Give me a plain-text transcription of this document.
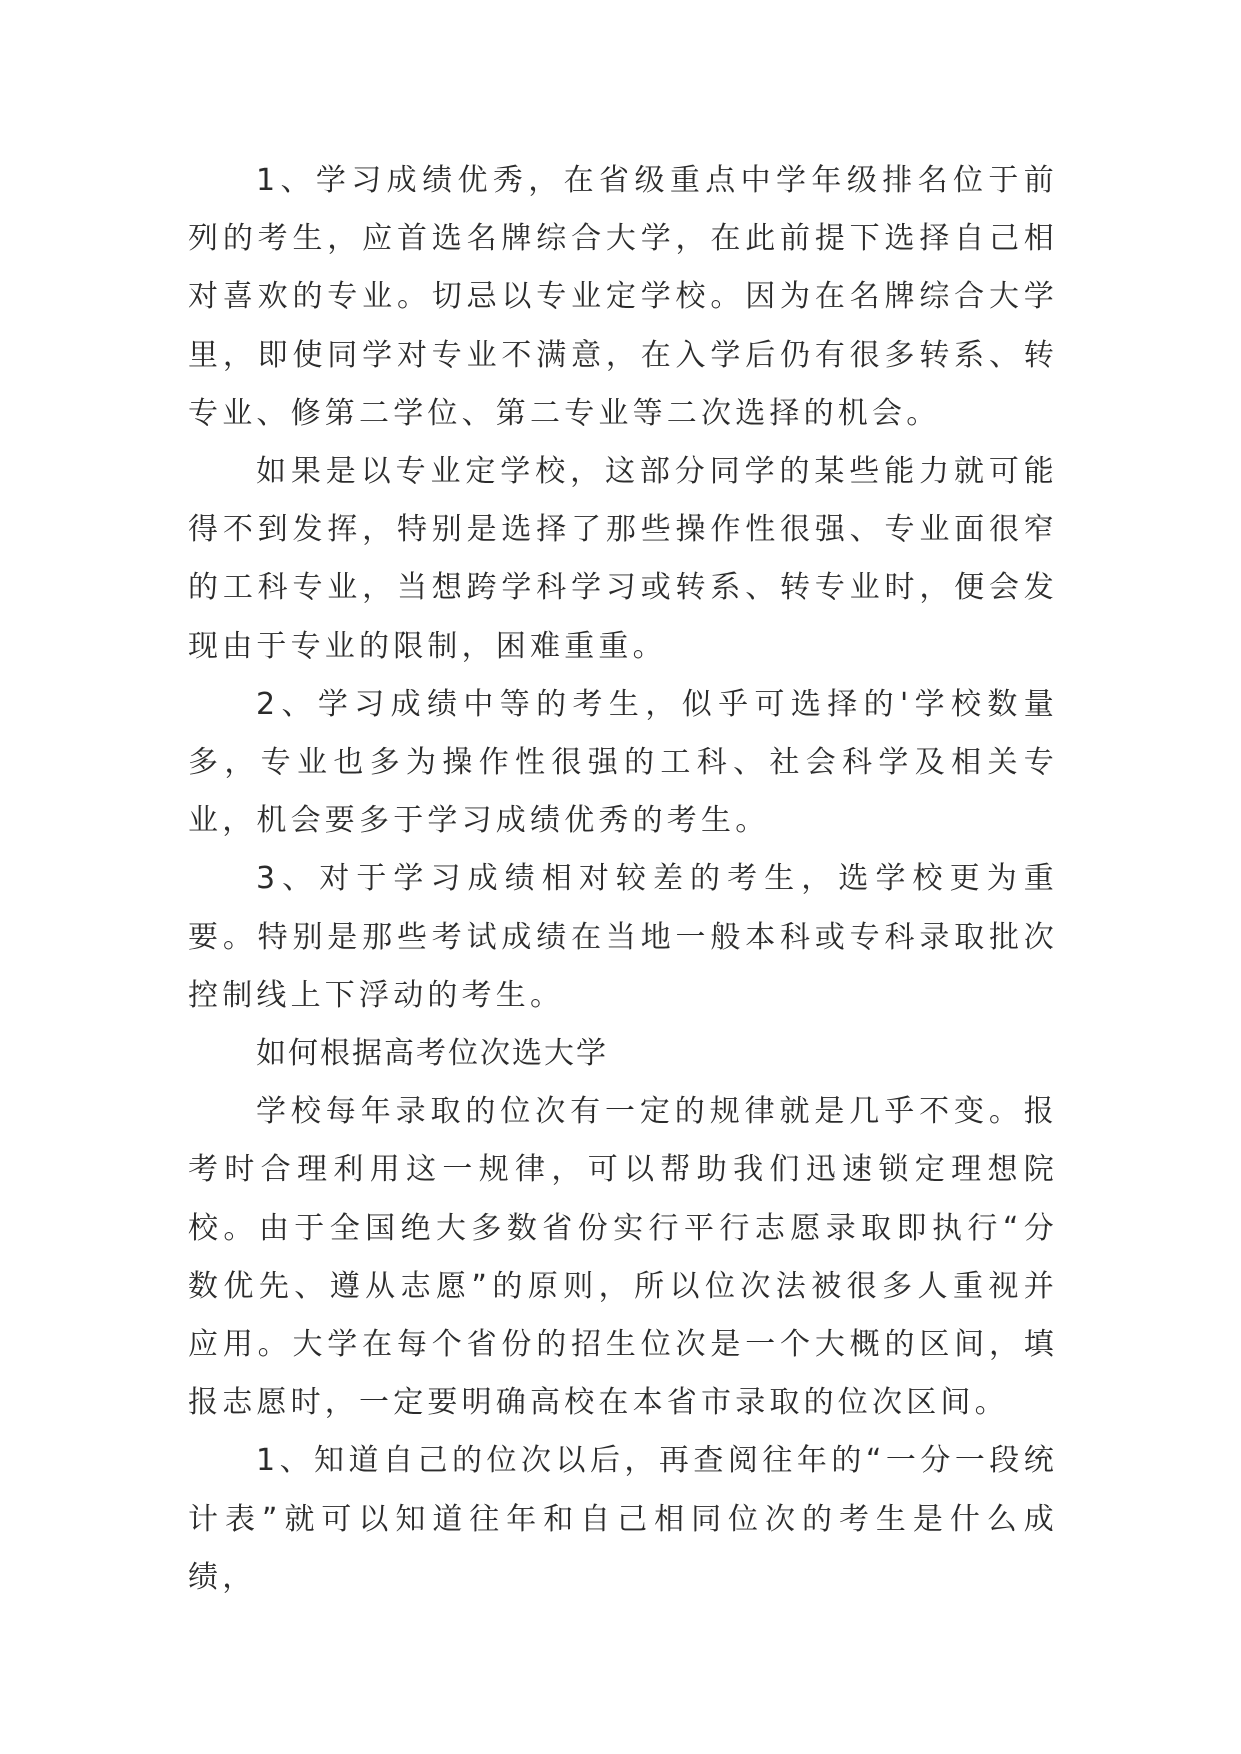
1、学习成绩优秀，在省级重点中学年级排名位于前列的考生，应首选名牌综合大学，在此前提下选择自己相对喜欢的专业。切忌以专业定学校。因为在名牌综合大学里，即使同学对专业不满意，在入学后仍有很多转系、转专业、修第二学位、第二专业等二次选择的机会。

如果是以专业定学校，这部分同学的某些能力就可能得不到发挥，特别是选择了那些操作性很强、专业面很窄的工科专业，当想跨学科学习或转系、转专业时，便会发现由于专业的限制，困难重重。

2、学习成绩中等的考生，似乎可选择的'学校数量多，专业也多为操作性很强的工科、社会科学及相关专业，机会要多于学习成绩优秀的考生。

3、对于学习成绩相对较差的考生，选学校更为重要。特别是那些考试成绩在当地一般本科或专科录取批次控制线上下浮动的考生。

如何根据高考位次选大学

学校每年录取的位次有一定的规律就是几乎不变。报考时合理利用这一规律，可以帮助我们迅速锁定理想院校。由于全国绝大多数省份实行平行志愿录取即执行“分数优先、遵从志愿”的原则，所以位次法被很多人重视并应用。大学在每个省份的招生位次是一个大概的区间，填报志愿时，一定要明确高校在本省市录取的位次区间。

1、知道自己的位次以后，再查阅往年的“一分一段统计表”就可以知道往年和自己相同位次的考生是什么成绩，
